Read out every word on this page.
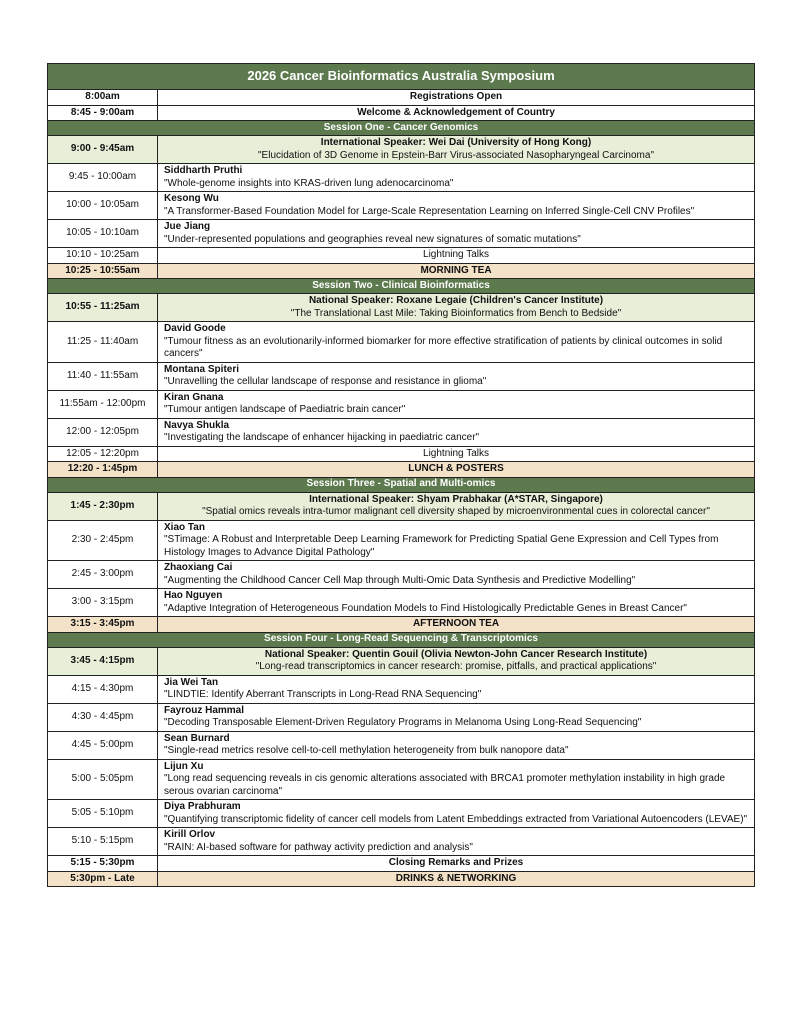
2026 Cancer Bioinformatics Australia Symposium	
8:00am	Registrations Open
8:45 - 9:00am	Welcome & Acknowledgement of Country
Session One - Cancer Genomics	
9:00 - 9:45am	International Speaker: Wei Dai (University of Hong Kong)
"Elucidation of 3D Genome in Epstein-Barr Virus-associated Nasopharyngeal Carcinoma"

9:45 - 10:00am	Siddharth Pruthi
"Whole-genome insights into KRAS-driven lung adenocarcinoma"

10:00 - 10:05am	Kesong Wu
"A Transformer-Based Foundation Model for Large-Scale Representation Learning on Inferred Single-Cell CNV Profiles"

10:05 - 10:10am	Jue Jiang
"Under-represented populations and geographies reveal new signatures of somatic mutations"

10:10 - 10:25am	Lightning Talks
10:25 - 10:55am	MORNING TEA
Session Two - Clinical Bioinformatics	
10:55 - 11:25am	National Speaker: Roxane Legaie (Children's Cancer Institute)
"The Translational Last Mile: Taking Bioinformatics from Bench to Bedside"

11:25 - 11:40am	David Goode
"Tumour fitness as an evolutionarily-informed biomarker for more effective stratification of patients by clinical outcomes in solid cancers"

11:40 - 11:55am	Montana Spiteri
"Unravelling the cellular landscape of response and resistance in glioma"

11:55am - 12:00pm	Kiran Gnana
"Tumour antigen landscape of Paediatric brain cancer"

12:00 - 12:05pm	Navya Shukla
"Investigating the landscape of enhancer hijacking in paediatric cancer"

12:05 - 12:20pm	Lightning Talks
12:20 - 1:45pm	LUNCH & POSTERS
Session Three - Spatial and Multi-omics	
1:45 - 2:30pm	International Speaker: Shyam Prabhakar (A*STAR, Singapore)
"Spatial omics reveals intra-tumor malignant cell diversity shaped by microenvironmental cues in colorectal cancer"

2:30 - 2:45pm	Xiao Tan
"STimage: A Robust and Interpretable Deep Learning Framework for Predicting Spatial Gene Expression and Cell Types from Histology Images to Advance Digital Pathology"

2:45 - 3:00pm	Zhaoxiang Cai
"Augmenting the Childhood Cancer Cell Map through Multi-Omic Data Synthesis and Predictive Modelling"

3:00 - 3:15pm	Hao Nguyen
"Adaptive Integration of Heterogeneous Foundation Models to Find Histologically Predictable Genes in Breast Cancer"

3:15 - 3:45pm	AFTERNOON TEA
Session Four - Long-Read Sequencing & Transcriptomics	
3:45 - 4:15pm	National Speaker: Quentin Gouil (Olivia Newton-John Cancer Research Institute)
"Long-read transcriptomics in cancer research: promise, pitfalls, and practical applications"

4:15 - 4:30pm	Jia Wei Tan
"LINDTIE: Identify Aberrant Transcripts in Long-Read RNA Sequencing"

4:30 - 4:45pm	Fayrouz Hammal
"Decoding Transposable Element-Driven Regulatory Programs in Melanoma Using Long-Read Sequencing"

4:45 - 5:00pm	Sean Burnard
"Single-read metrics resolve cell-to-cell methylation heterogeneity from bulk nanopore data"

5:00 - 5:05pm	Lijun Xu
"Long read sequencing reveals in cis genomic alterations associated with BRCA1 promoter methylation instability in high grade serous ovarian carcinoma"

5:05 - 5:10pm	Diya Prabhuram
"Quantifying transcriptomic fidelity of cancer cell models from Latent Embeddings extracted from Variational Autoencoders (LEVAE)"

5:10 - 5:15pm	Kirill Orlov
"RAIN: AI-based software for pathway activity prediction and analysis"

5:15 - 5:30pm	Closing Remarks and Prizes
5:30pm - Late	DRINKS & NETWORKING
